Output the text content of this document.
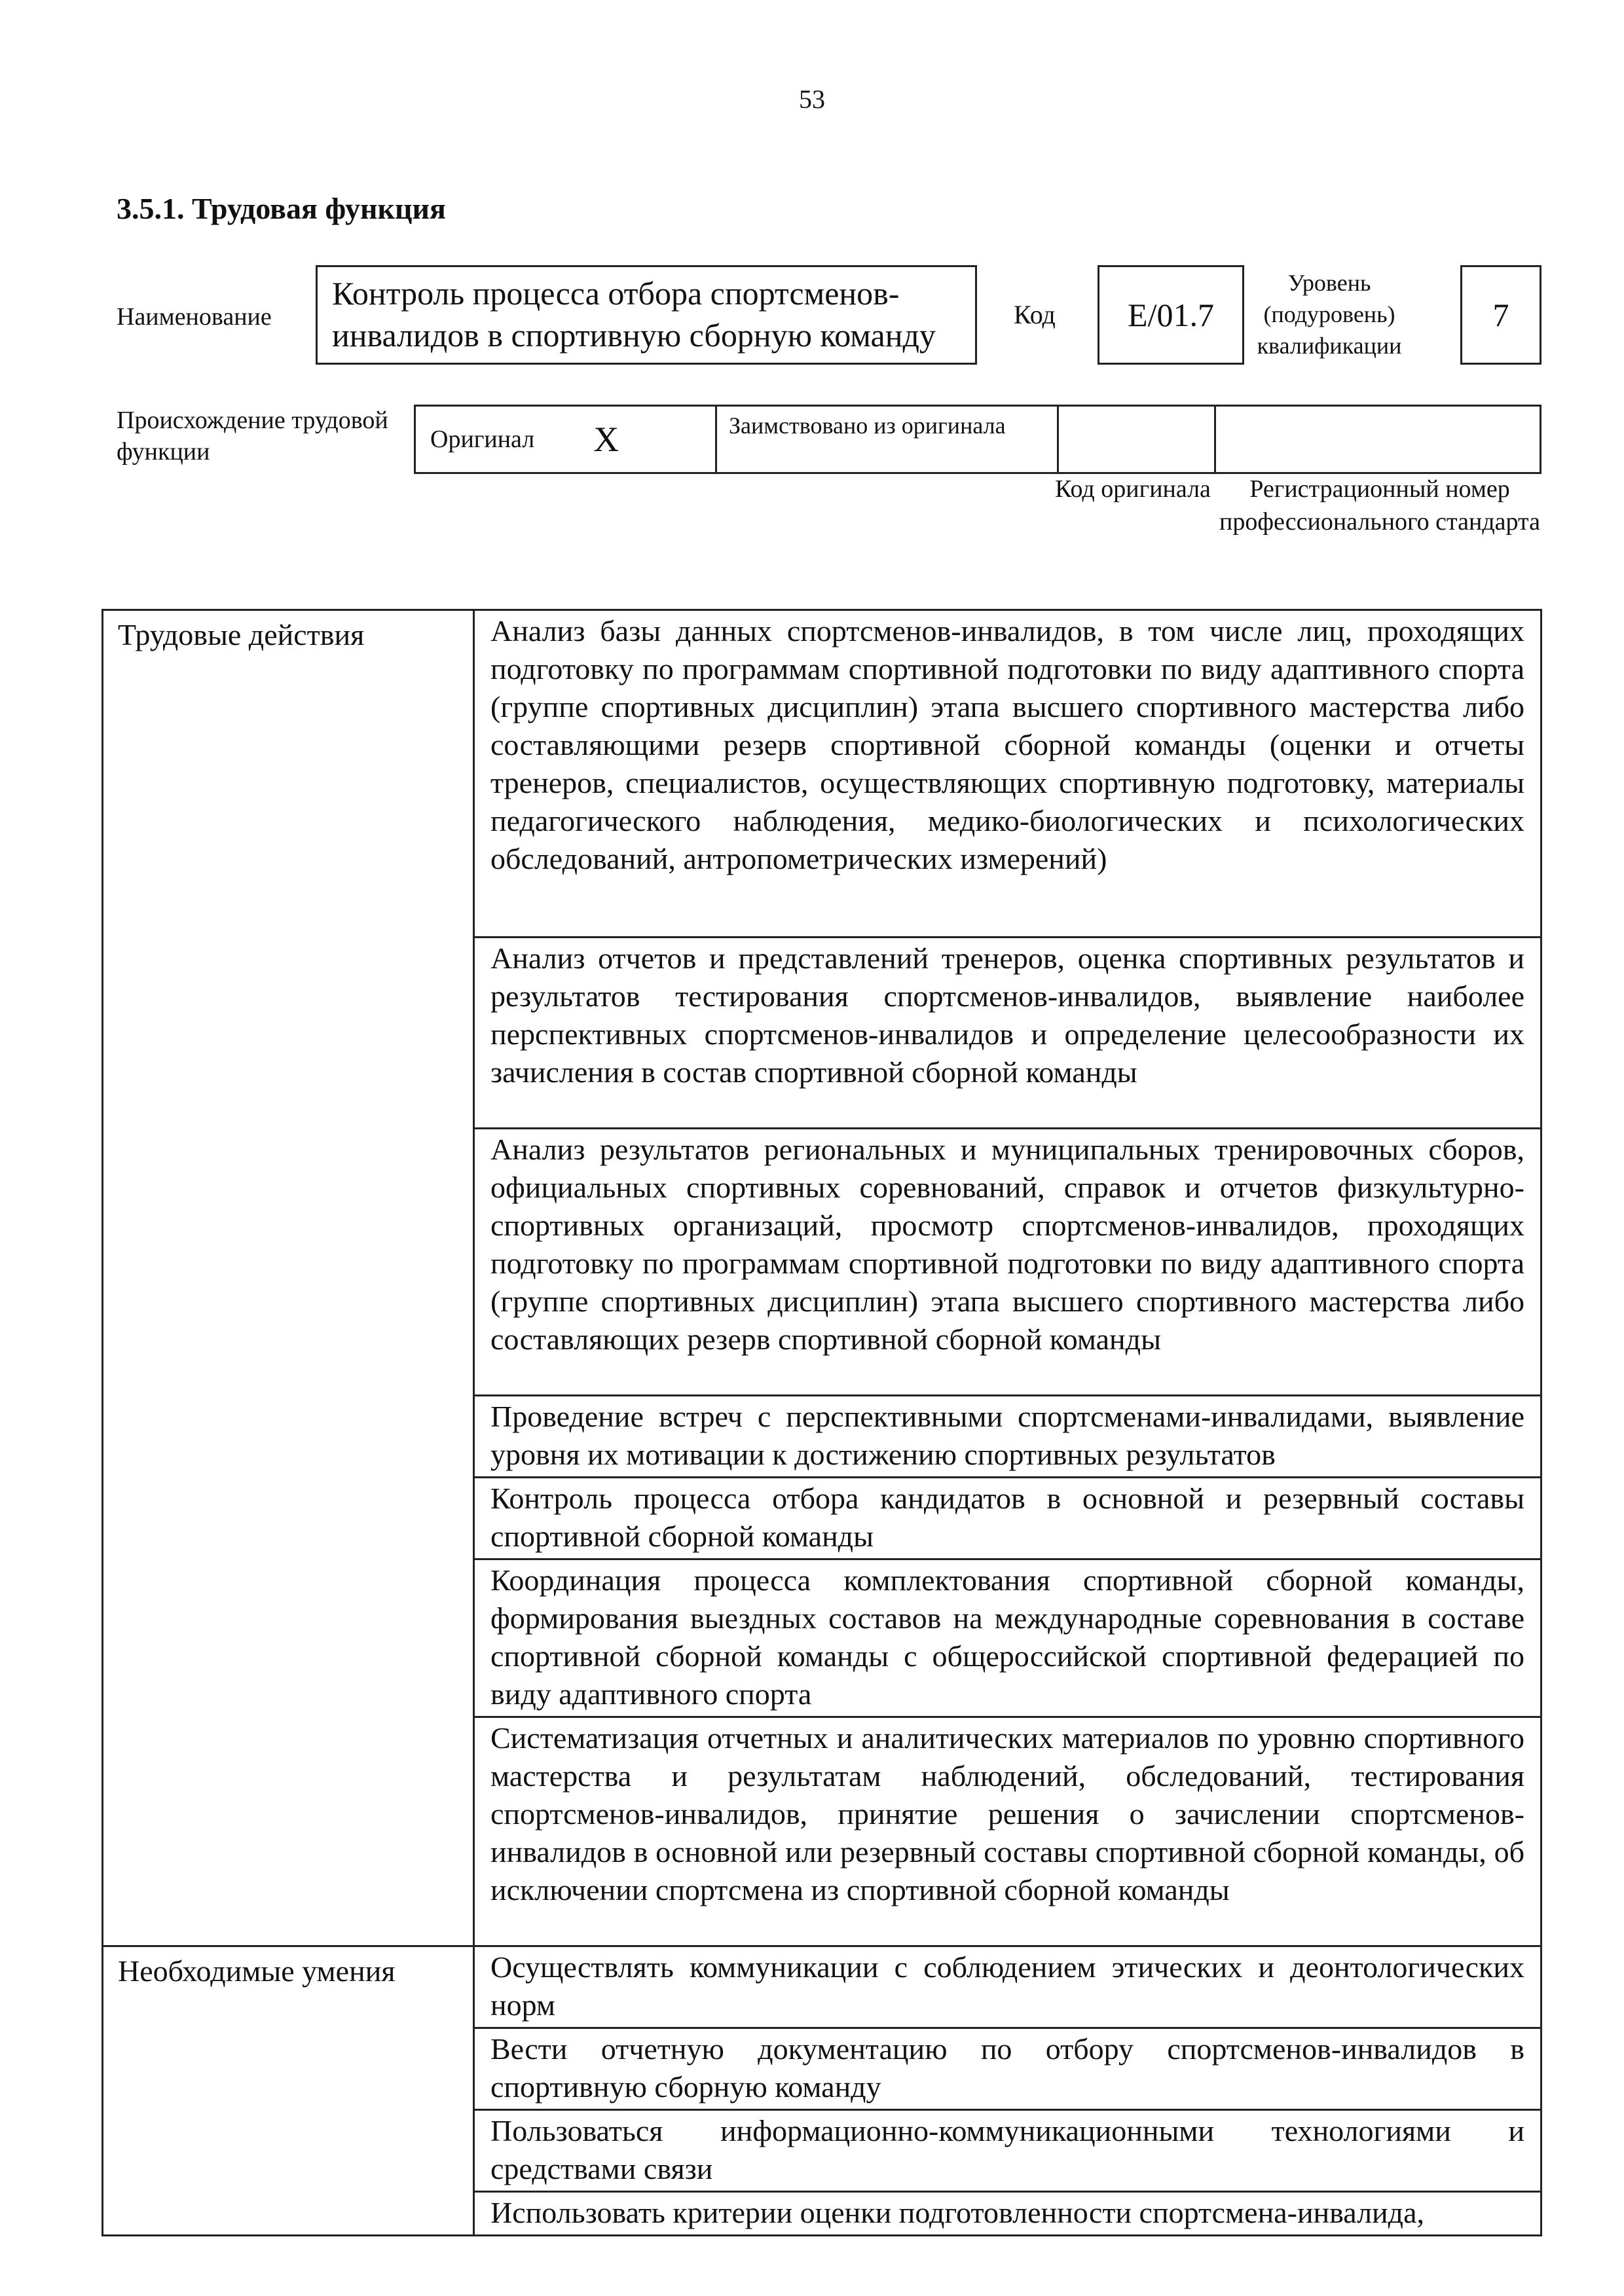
53
3.5.1. Трудовая функция
Наименование
Контроль процесса отбора спортсменов-инвалидов в спортивную сборную команду
Код E/01.7
Уровень (подуровень) квалификации
7
Происхождение трудовой функции	Оригинал X	Заимствовано из оригинала
Код оригинала	Регистрационный номер профессионального стандарта
Трудовые действия	Анализ базы данных спортсменов-инвалидов, в том числе лиц, проходящих подготовку по программам спортивной подготовки по виду адаптивного спорта (группе спортивных дисциплин) этапа высшего спортивного мастерства либо составляющими резерв спортивной сборной команды (оценки и отчеты тренеров, специалистов, осуществляющих спортивную подготовку, материалы педагогического наблюдения, медико-биологических и психологических обследований, антропометрических измерений)
	Анализ отчетов и представлений тренеров, оценка спортивных результатов и результатов тестирования спортсменов-инвалидов, выявление наиболее перспективных спортсменов-инвалидов и определение целесообразности их зачисления в состав спортивной сборной команды
	Анализ результатов региональных и муниципальных тренировочных сборов, официальных спортивных соревнований, справок и отчетов физкультурно-спортивных организаций, просмотр спортсменов-инвалидов, проходящих подготовку по программам спортивной подготовки по виду адаптивного спорта (группе спортивных дисциплин) этапа высшего спортивного мастерства либо составляющих резерв спортивной сборной команды
	Проведение встреч с перспективными спортсменами-инвалидами, выявление уровня их мотивации к достижению спортивных результатов
	Контроль процесса отбора кандидатов в основной и резервный составы спортивной сборной команды
	Координация процесса комплектования спортивной сборной команды, формирования выездных составов на международные соревнования в составе спортивной сборной команды с общероссийской спортивной федерацией по виду адаптивного спорта
	Систематизация отчетных и аналитических материалов по уровню спортивного мастерства и результатам наблюдений, обследований, тестирования спортсменов-инвалидов, принятие решения о зачислении спортсменов-инвалидов в основной или резервный составы спортивной сборной команды, об исключении спортсмена из спортивной сборной команды
Необходимые умения	Осуществлять коммуникации с соблюдением этических и деонтологических норм
	Вести отчетную документацию по отбору спортсменов-инвалидов в спортивную сборную команду
	Пользоваться информационно-коммуникационными технологиями и средствами связи
	Использовать критерии оценки подготовленности спортсмена-инвалида,
